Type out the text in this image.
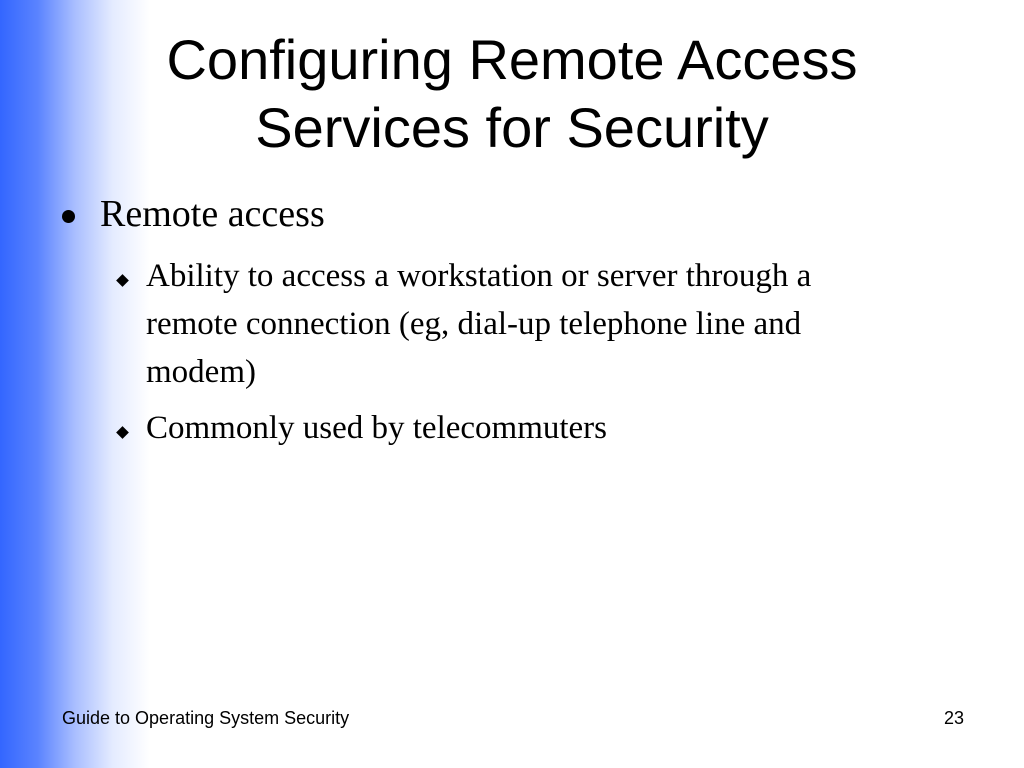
Configuring Remote Access
Services for Security
Remote access
Ability to access a workstation or server through a
remote connection (eg, dial-up telephone line and
modem)
Commonly used by telecommuters
Guide to Operating System Security	23
